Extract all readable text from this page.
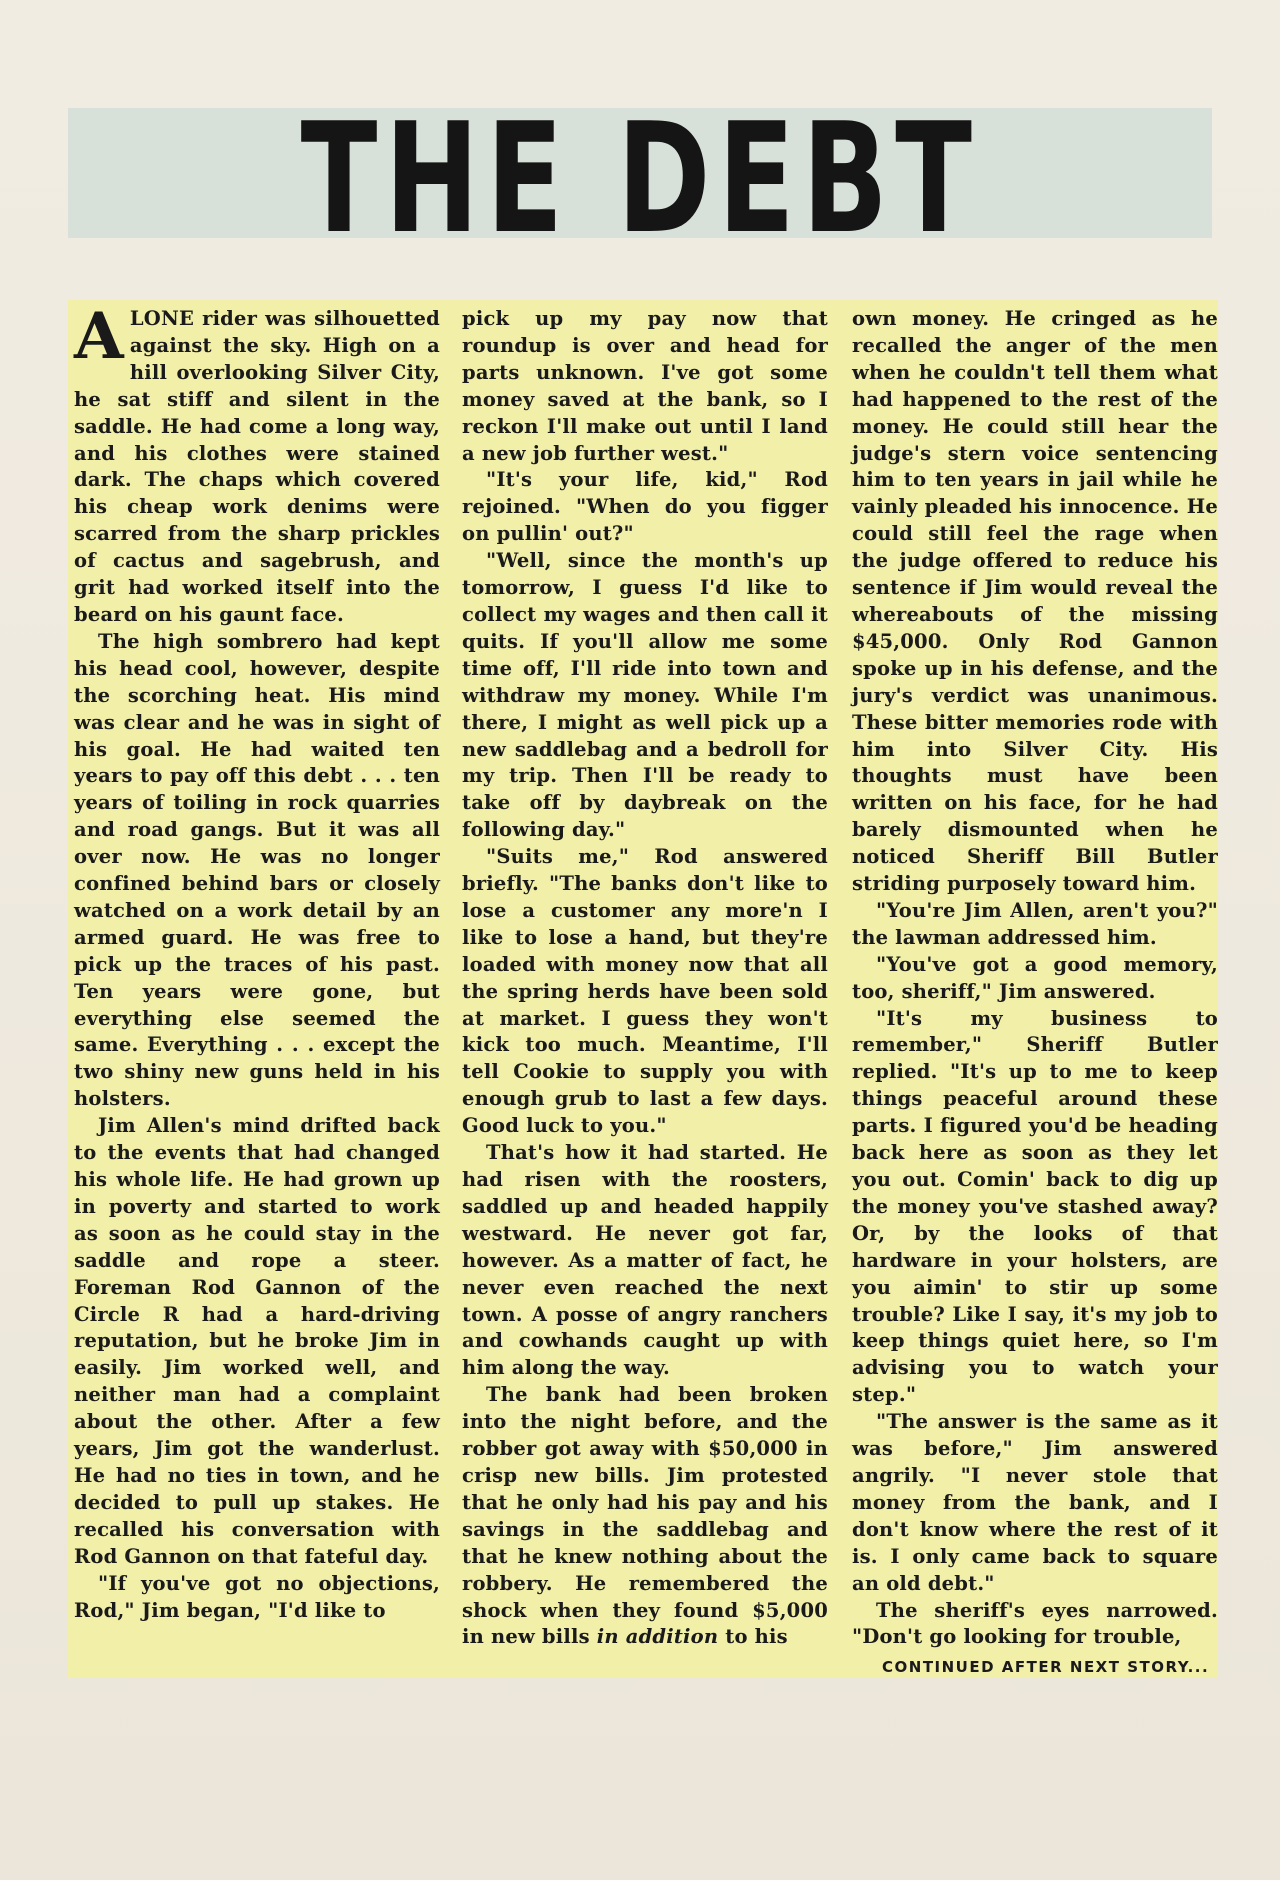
THE DEBT

ALONE rider was silhouetted against the sky. High on a hill overlooking Silver City, he sat stiff and silent in the saddle. He had come a long way, and his clothes were stained dark. The chaps which covered his cheap work denims were scarred from the sharp prickles of cactus and sagebrush, and grit had worked itself into the beard on his gaunt face.

The high sombrero had kept his head cool, however, despite the scorching heat. His mind was clear and he was in sight of his goal. He had waited ten years to pay off this debt . . . ten years of toiling in rock quarries and road gangs. But it was all over now. He was no longer confined behind bars or closely watched on a work detail by an armed guard. He was free to pick up the traces of his past. Ten years were gone, but everything else seemed the same. Everything . . . except the two shiny new guns held in his holsters.

Jim Allen's mind drifted back to the events that had changed his whole life. He had grown up in poverty and started to work as soon as he could stay in the saddle and rope a steer. Foreman Rod Gannon of the Circle R had a hard-driving reputation, but he broke Jim in easily. Jim worked well, and neither man had a complaint about the other. After a few years, Jim got the wanderlust. He had no ties in town, and he decided to pull up stakes. He recalled his conversation with Rod Gannon on that fateful day.

"If you've got no objections, Rod," Jim began, "I'd like to

pick up my pay now that roundup is over and head for parts unknown. I've got some money saved at the bank, so I reckon I'll make out until I land a new job further west."

"It's your life, kid," Rod rejoined. "When do you figger on pullin' out?"

"Well, since the month's up tomorrow, I guess I'd like to collect my wages and then call it quits. If you'll allow me some time off, I'll ride into town and withdraw my money. While I'm there, I might as well pick up a new saddlebag and a bedroll for my trip. Then I'll be ready to take off by daybreak on the following day."

"Suits me," Rod answered briefly. "The banks don't like to lose a customer any more'n I like to lose a hand, but they're loaded with money now that all the spring herds have been sold at market. I guess they won't kick too much. Meantime, I'll tell Cookie to supply you with enough grub to last a few days. Good luck to you."

That's how it had started. He had risen with the roosters, saddled up and headed happily westward. He never got far, however. As a matter of fact, he never even reached the next town. A posse of angry ranchers and cowhands caught up with him along the way.

The bank had been broken into the night before, and the robber got away with $50,000 in crisp new bills. Jim protested that he only had his pay and his savings in the saddlebag and that he knew nothing about the robbery. He remembered the shock when they found $5,000 in new bills in addition to his

own money. He cringed as he recalled the anger of the men when he couldn't tell them what had happened to the rest of the money. He could still hear the judge's stern voice sentencing him to ten years in jail while he vainly pleaded his innocence. He could still feel the rage when the judge offered to reduce his sentence if Jim would reveal the whereabouts of the missing $45,000. Only Rod Gannon spoke up in his defense, and the jury's verdict was unanimous. These bitter memories rode with him into Silver City. His thoughts must have been written on his face, for he had barely dismounted when he noticed Sheriff Bill Butler striding purposely toward him.

"You're Jim Allen, aren't you?" the lawman addressed him.

"You've got a good memory, too, sheriff," Jim answered.

"It's my business to remember," Sheriff Butler replied. "It's up to me to keep things peaceful around these parts. I figured you'd be heading back here as soon as they let you out. Comin' back to dig up the money you've stashed away? Or, by the looks of that hardware in your holsters, are you aimin' to stir up some trouble? Like I say, it's my job to keep things quiet here, so I'm advising you to watch your step."

"The answer is the same as it was before," Jim answered angrily. "I never stole that money from the bank, and I don't know where the rest of it is. I only came back to square an old debt."

The sheriff's eyes narrowed. "Don't go looking for trouble,

CONTINUED AFTER NEXT STORY...
